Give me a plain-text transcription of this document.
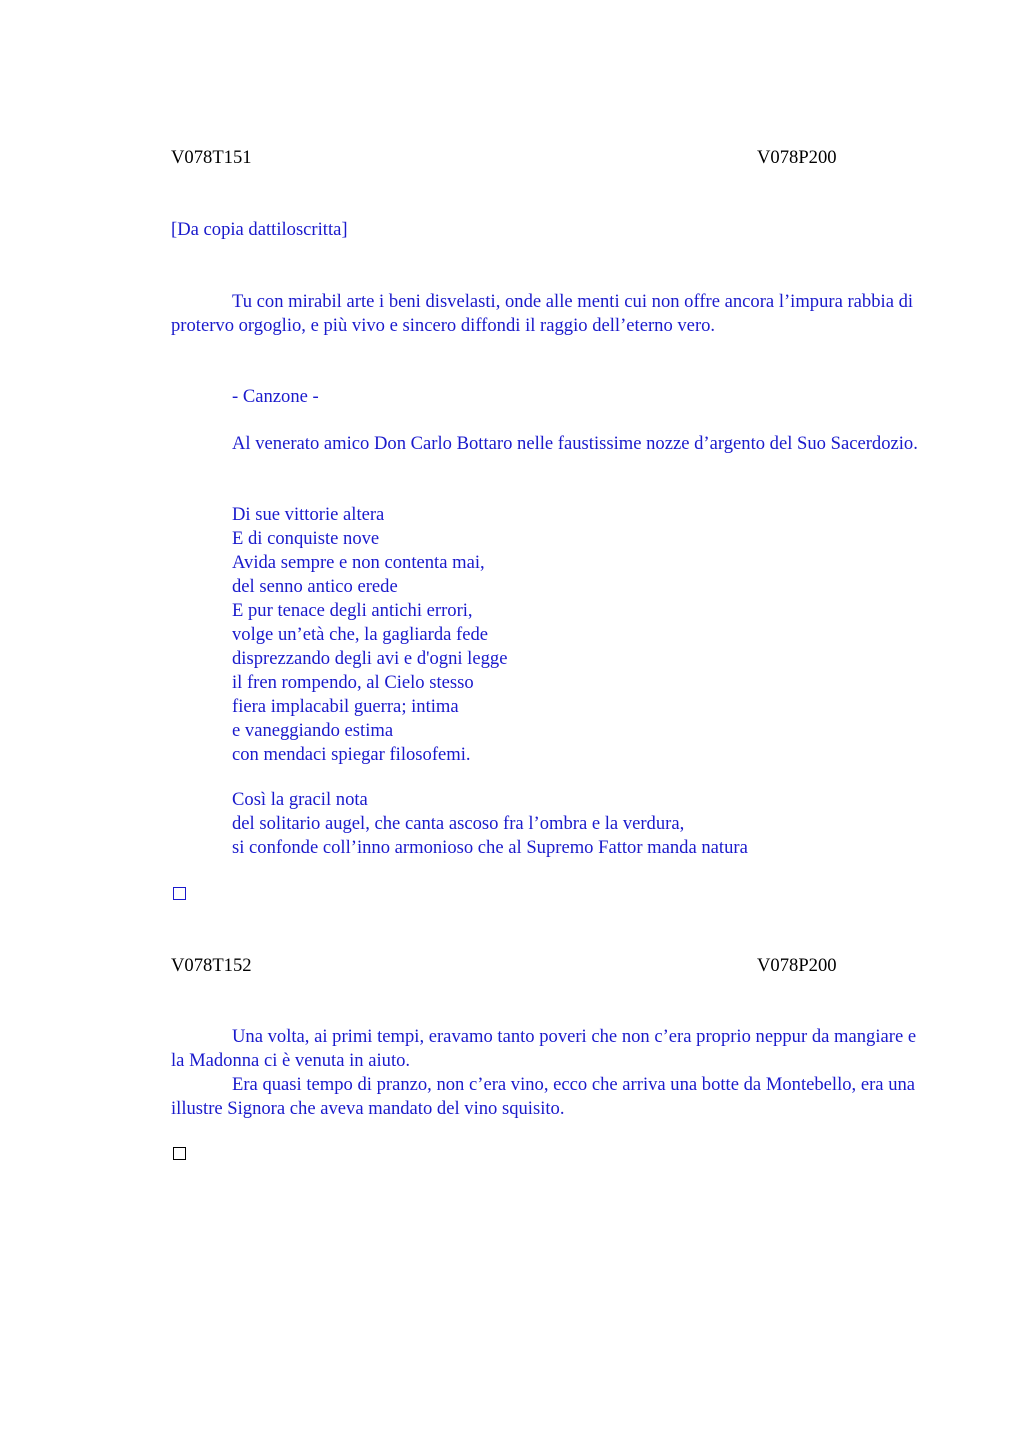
V078T151	V078P200

[Da copia dattiloscritta]

Tu con mirabil arte i beni disvelasti, onde alle menti cui non offre ancora l’impura rabbia di protervo orgoglio, e più vivo e sincero diffondi il raggio dell’eterno vero.

- Canzone -

Al venerato amico Don Carlo Bottaro nelle faustissime nozze d’argento del Suo Sacerdozio.

Di sue vittorie altera
E di conquiste nove
Avida sempre e non contenta mai,
del senno antico erede
E pur tenace degli antichi errori,
volge un’età che, la gagliarda fede
disprezzando degli avi e d'ogni legge
il fren rompendo, al Cielo stesso
fiera implacabil guerra; intima
e vaneggiando estima
con mendaci spiegar filosofemi.
Così la gracil nota
del solitario augel, che canta ascoso fra l’ombra e la verdura,
si confonde coll’inno armonioso che al Supremo Fattor manda natura

V078T152	V078P200

Una volta, ai primi tempi, eravamo tanto poveri che non c’era proprio neppur da mangiare e la Madonna ci è venuta in aiuto.

Era quasi tempo di pranzo, non c’era vino, ecco che arriva una botte da Montebello, era una illustre Signora che aveva mandato del vino squisito.
